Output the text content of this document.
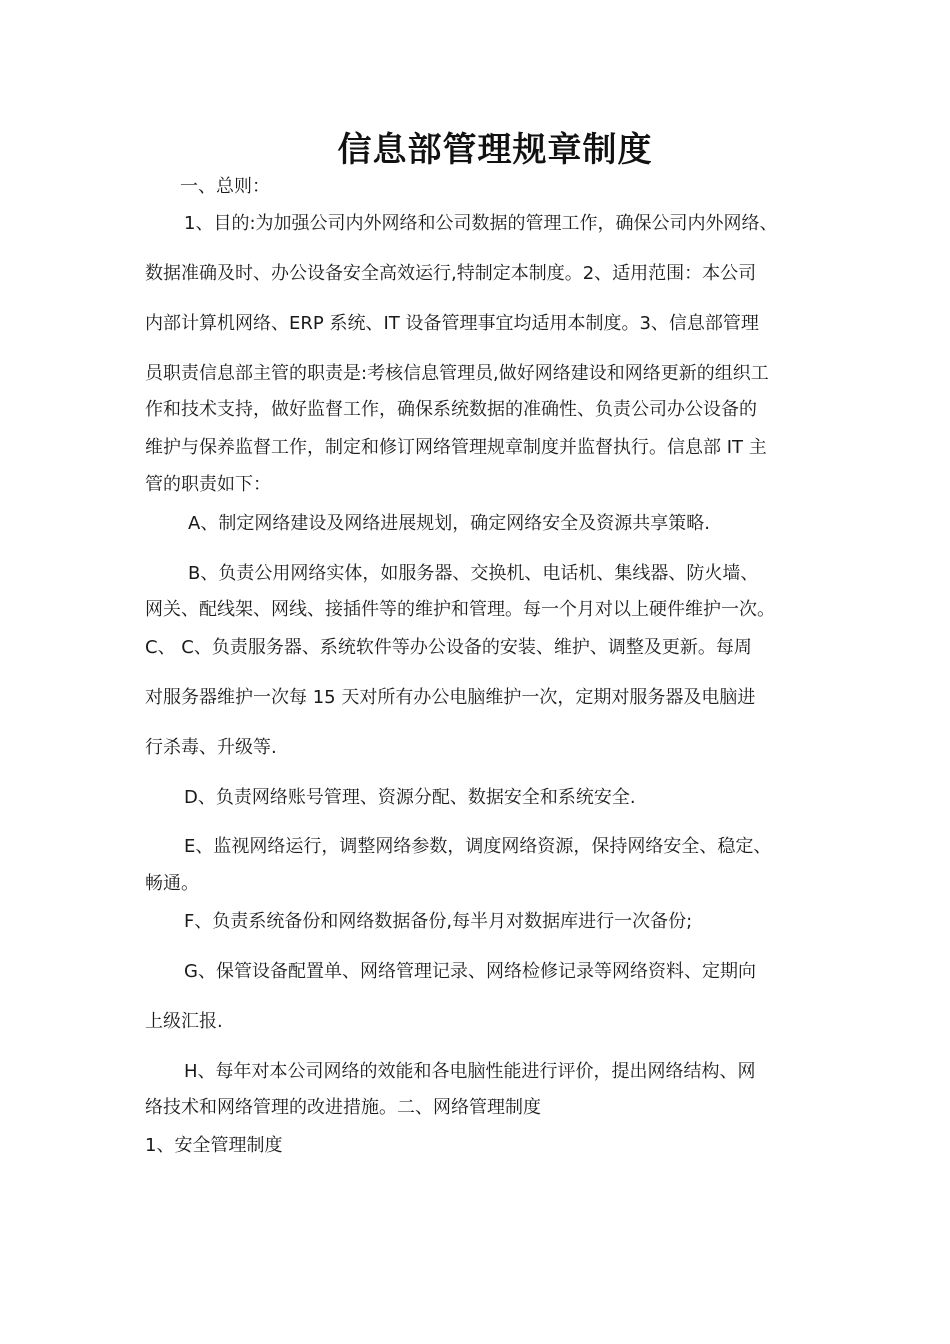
信息部管理规章制度
一、总则：
1、目的:为加强公司内外网络和公司数据的管理工作，确保公司内外网络、
数据准确及时、办公设备安全高效运行,特制定本制度。2、适用范围：本公司
内部计算机网络、ERP 系统、IT 设备管理事宜均适用本制度。3、信息部管理
员职责信息部主管的职责是:考核信息管理员,做好网络建设和网络更新的组织工
作和技术支持，做好监督工作，确保系统数据的准确性、负责公司办公设备的
维护与保养监督工作，制定和修订网络管理规章制度并监督执行。信息部 IT 主
管的职责如下：
A、制定网络建设及网络进展规划，确定网络安全及资源共享策略.
B、负责公用网络实体，如服务器、交换机、电话机、集线器、防火墙、
网关、配线架、网线、接插件等的维护和管理。每一个月对以上硬件维护一次。
C、 C、负责服务器、系统软件等办公设备的安装、维护、调整及更新。每周
对服务器维护一次每 15 天对所有办公电脑维护一次，定期对服务器及电脑进
行杀毒、升级等.
D、负责网络账号管理、资源分配、数据安全和系统安全.
E、监视网络运行，调整网络参数，调度网络资源，保持网络安全、稳定、
畅通。
F、负责系统备份和网络数据备份,每半月对数据库进行一次备份;
G、保管设备配置单、网络管理记录、网络检修记录等网络资料、定期向
上级汇报.
H、每年对本公司网络的效能和各电脑性能进行评价，提出网络结构、网
络技术和网络管理的改进措施。二、网络管理制度
1、安全管理制度
